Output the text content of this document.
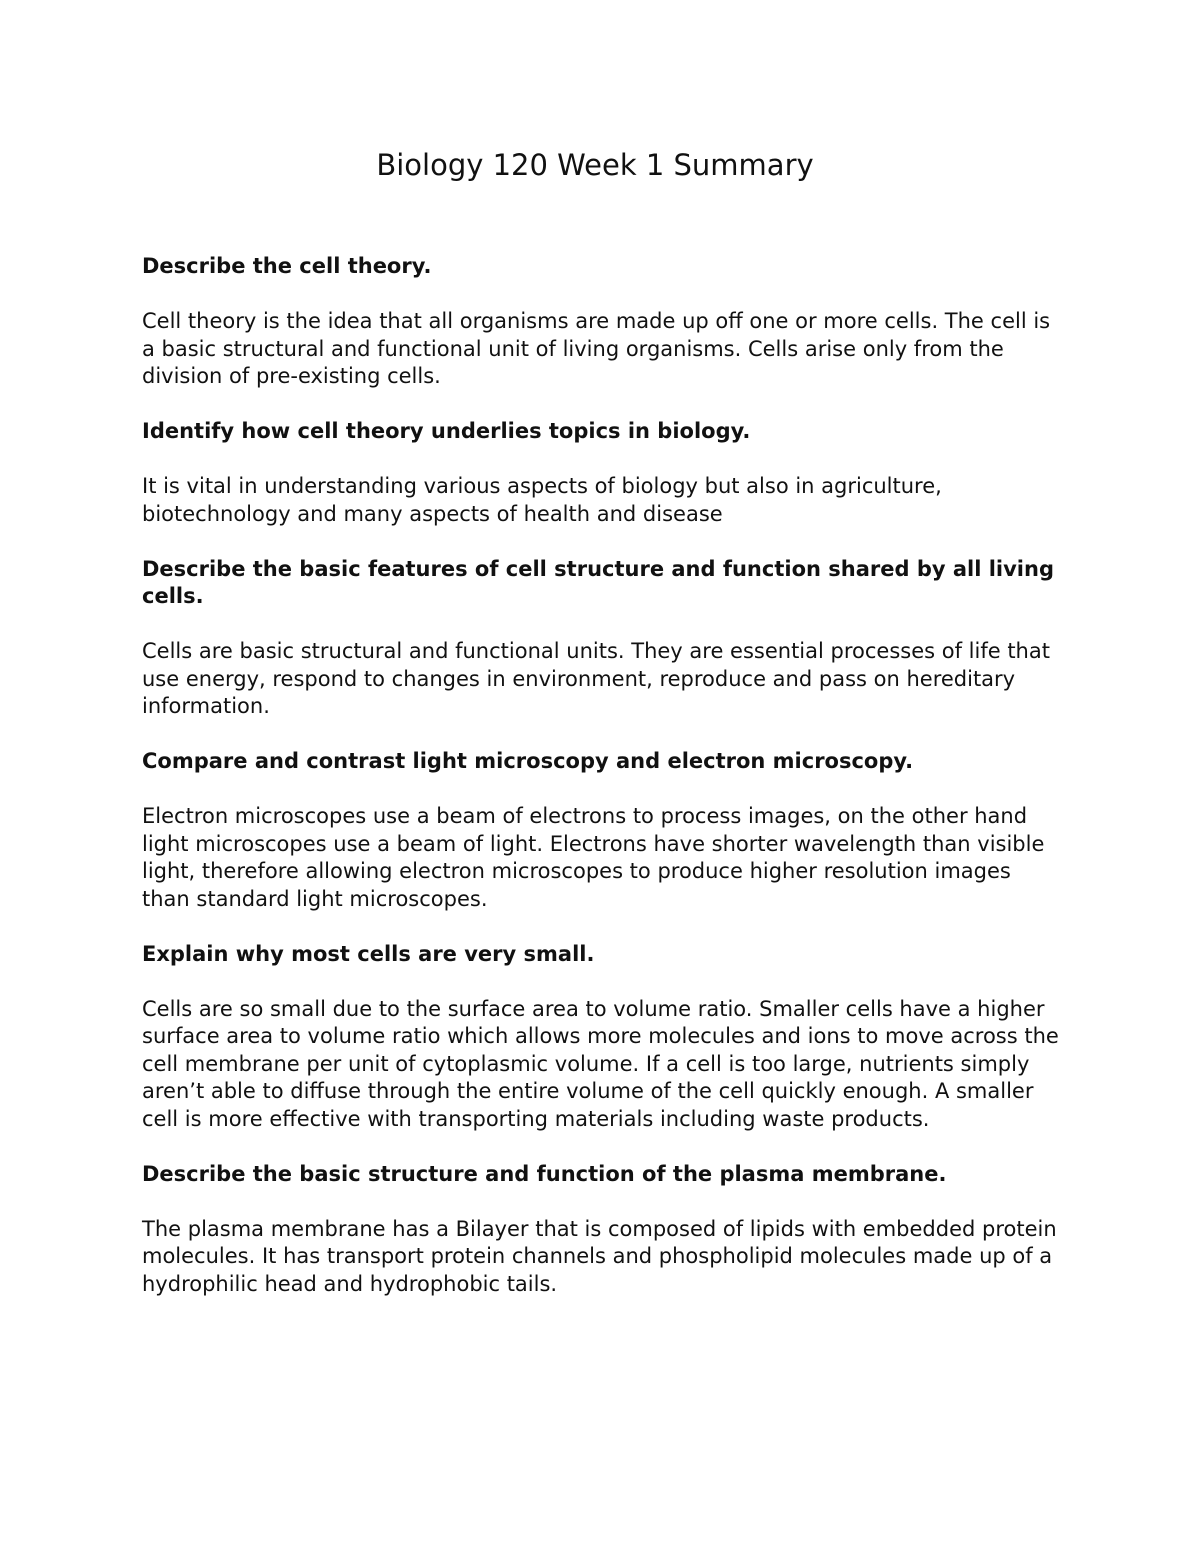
Biology 120 Week 1 Summary

Describe the cell theory.

Cell theory is the idea that all organisms are made up off one or more cells. The cell is a basic structural and functional unit of living organisms. Cells arise only from the division of pre-existing cells.

Identify how cell theory underlies topics in biology.

It is vital in understanding various aspects of biology but also in agriculture, biotechnology and many aspects of health and disease

Describe the basic features of cell structure and function shared by all living cells.

Cells are basic structural and functional units. They are essential processes of life that use energy, respond to changes in environment, reproduce and pass on hereditary information.

Compare and contrast light microscopy and electron microscopy.

Electron microscopes use a beam of electrons to process images, on the other hand light microscopes use a beam of light. Electrons have shorter wavelength than visible light, therefore allowing electron microscopes to produce higher resolution images than standard light microscopes.

Explain why most cells are very small.

Cells are so small due to the surface area to volume ratio. Smaller cells have a higher surface area to volume ratio which allows more molecules and ions to move across the cell membrane per unit of cytoplasmic volume. If a cell is too large, nutrients simply aren’t able to diffuse through the entire volume of the cell quickly enough. A smaller cell is more effective with transporting materials including waste products.

Describe the basic structure and function of the plasma membrane.

The plasma membrane has a Bilayer that is composed of lipids with embedded protein molecules. It has transport protein channels and phospholipid molecules made up of a hydrophilic head and hydrophobic tails.
